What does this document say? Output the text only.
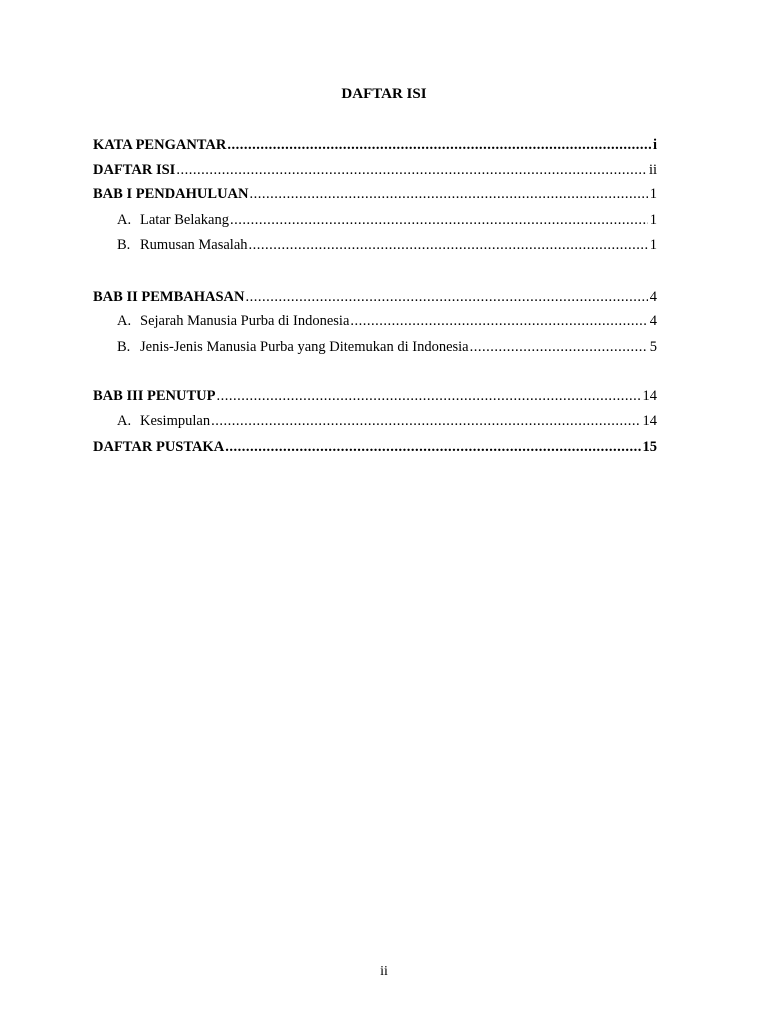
DAFTAR ISI
KATA PENGANTAR .....	i
DAFTAR ISI .....	ii
BAB I PENDAHULUAN .....	1
A. Latar Belakang .....	1
B. Rumusan Masalah .....	1
BAB II PEMBAHASAN .....	4
A. Sejarah Manusia Purba di Indonesia .....	4
B. Jenis-Jenis Manusia Purba yang Ditemukan di Indonesia .....	5
BAB III PENUTUP .....	14
A. Kesimpulan .....	14
DAFTAR PUSTAKA .....	15
ii
